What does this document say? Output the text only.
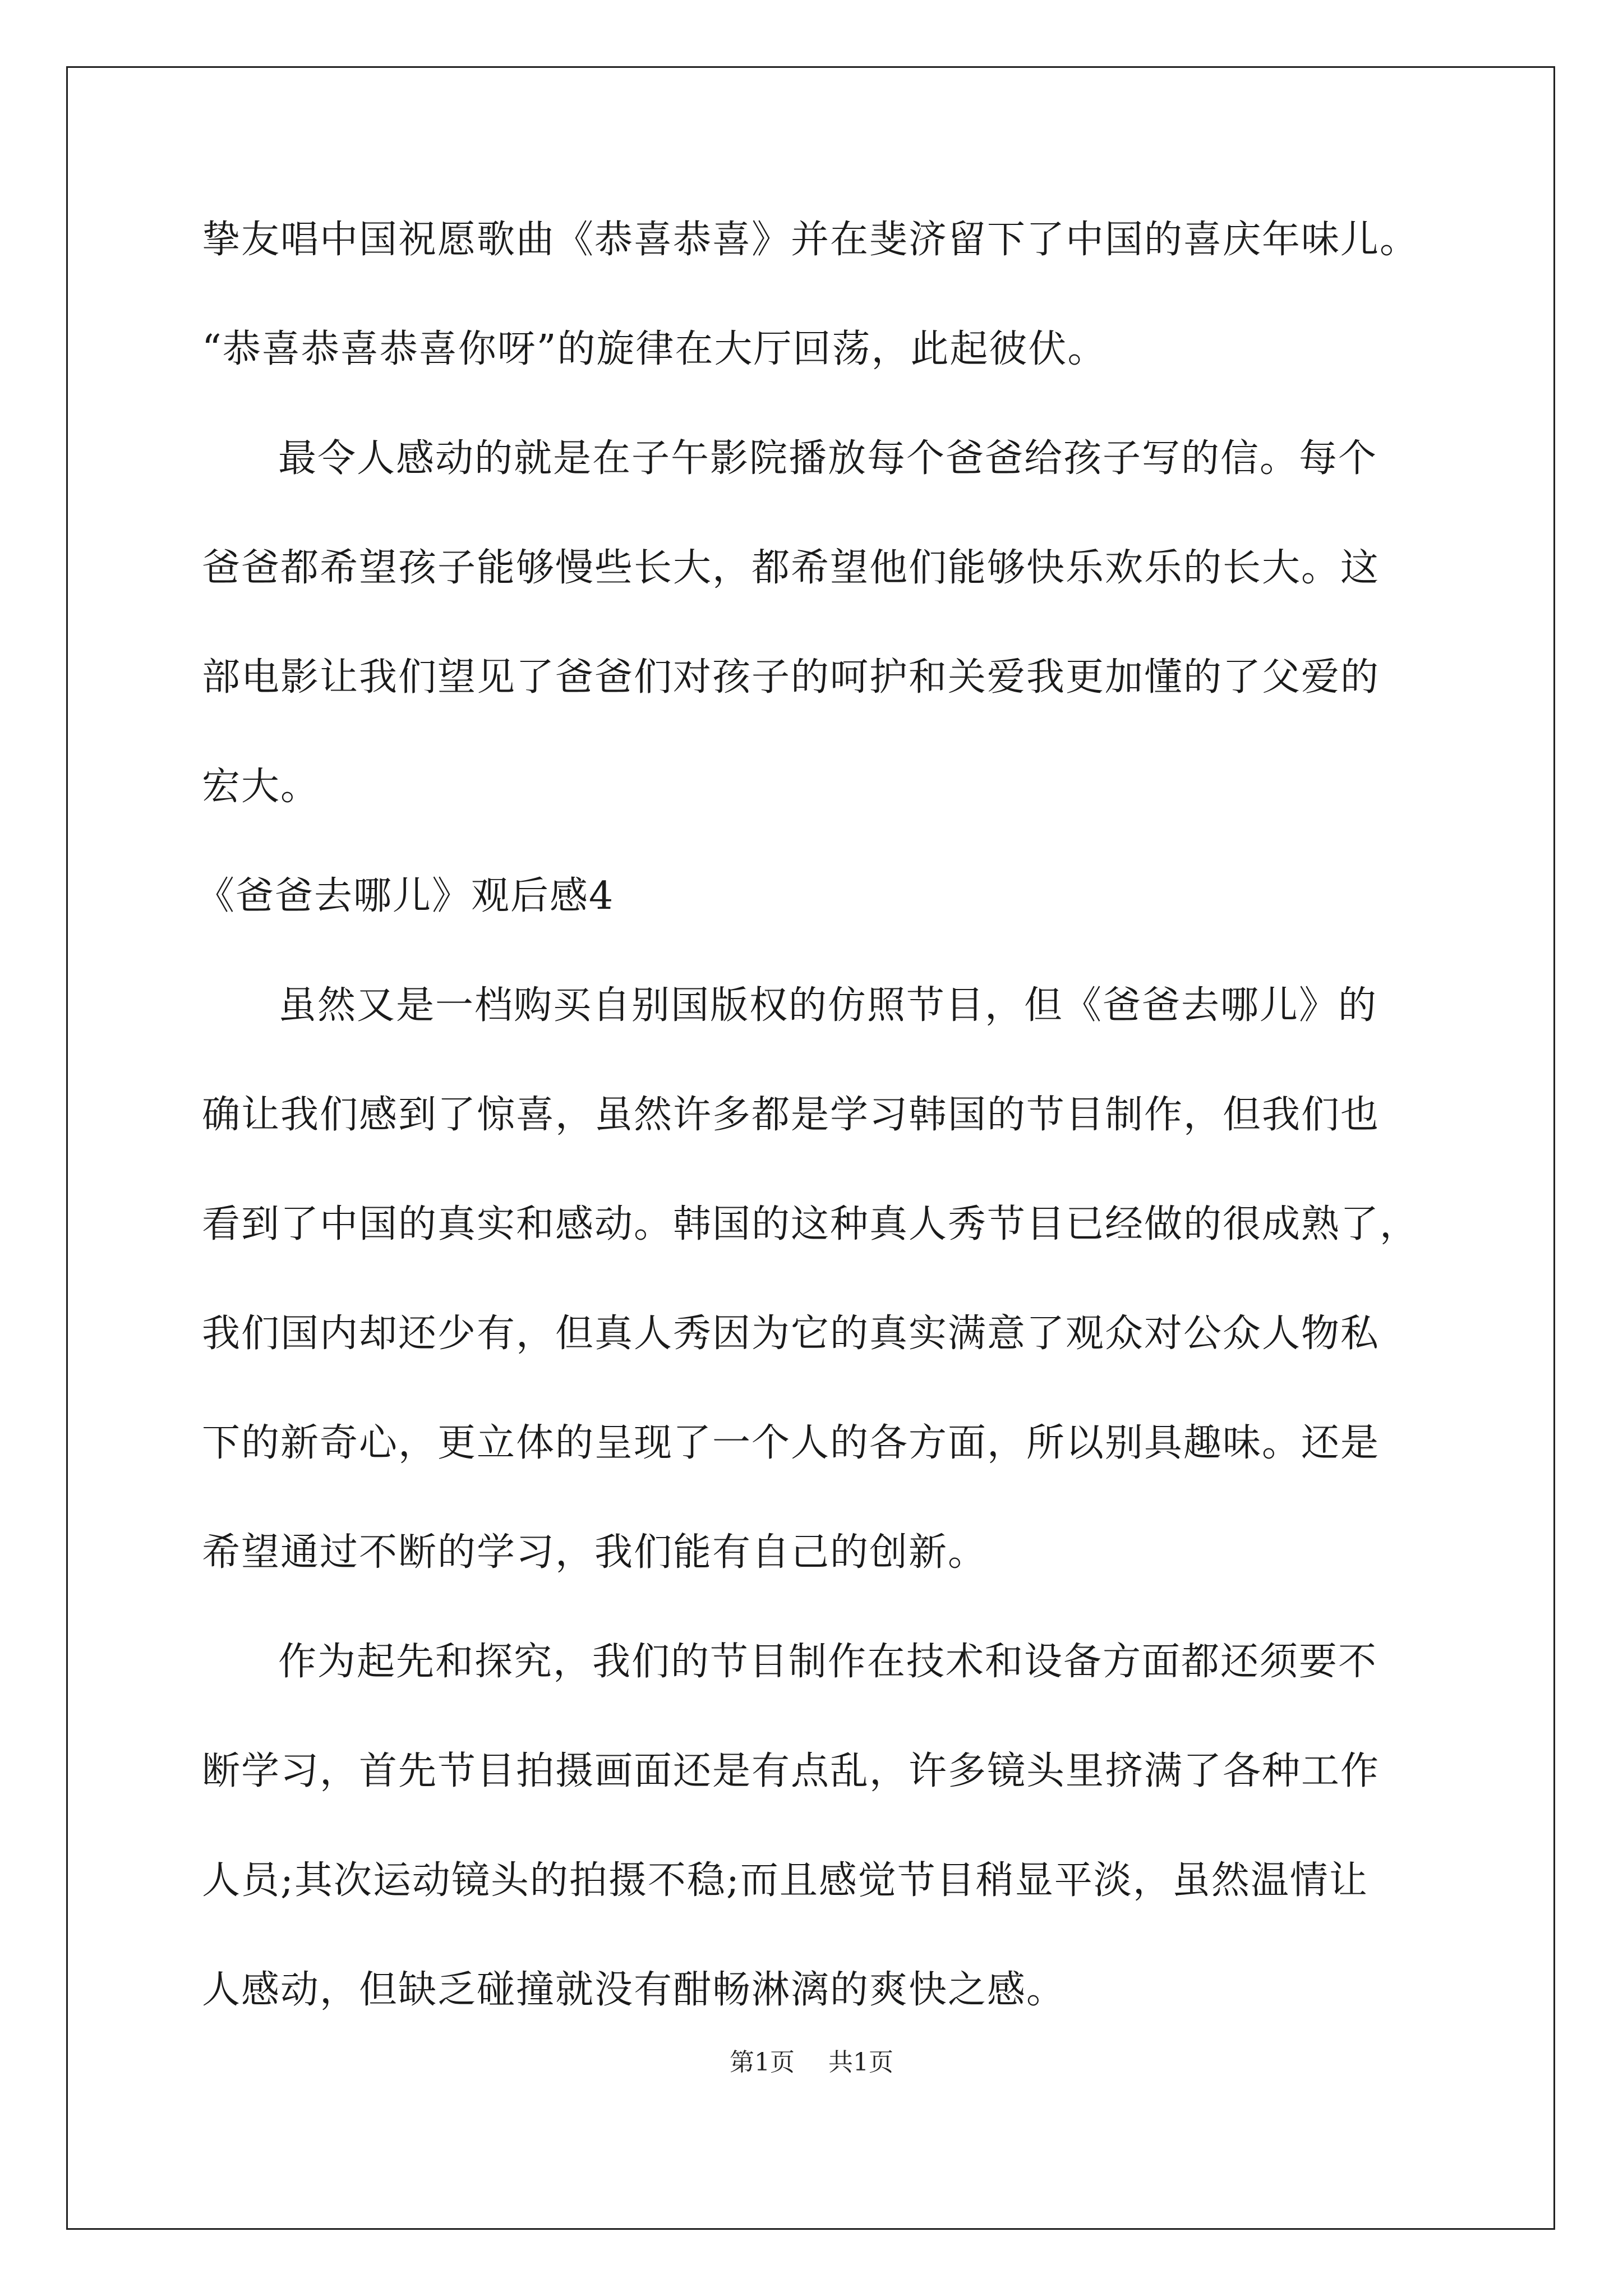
挚友唱中国祝愿歌曲《恭喜恭喜》并在斐济留下了中国的喜庆年味儿。
“恭喜恭喜恭喜你呀”的旋律在大厅回荡，此起彼伏。
最令人感动的就是在子午影院播放每个爸爸给孩子写的信。每个
爸爸都希望孩子能够慢些长大，都希望他们能够快乐欢乐的长大。这
部电影让我们望见了爸爸们对孩子的呵护和关爱我更加懂的了父爱的
宏大。
《爸爸去哪儿》观后感4
虽然又是一档购买自别国版权的仿照节目，但《爸爸去哪儿》的
确让我们感到了惊喜，虽然许多都是学习韩国的节目制作，但我们也
看到了中国的真实和感动。韩国的这种真人秀节目已经做的很成熟了，
我们国内却还少有，但真人秀因为它的真实满意了观众对公众人物私
下的新奇心，更立体的呈现了一个人的各方面，所以别具趣味。还是
希望通过不断的学习，我们能有自己的创新。
作为起先和探究，我们的节目制作在技术和设备方面都还须要不
断学习，首先节目拍摄画面还是有点乱，许多镜头里挤满了各种工作
人员;其次运动镜头的拍摄不稳;而且感觉节目稍显平淡，虽然温情让
人感动，但缺乏碰撞就没有酣畅淋漓的爽快之感。
第1页 共1页
